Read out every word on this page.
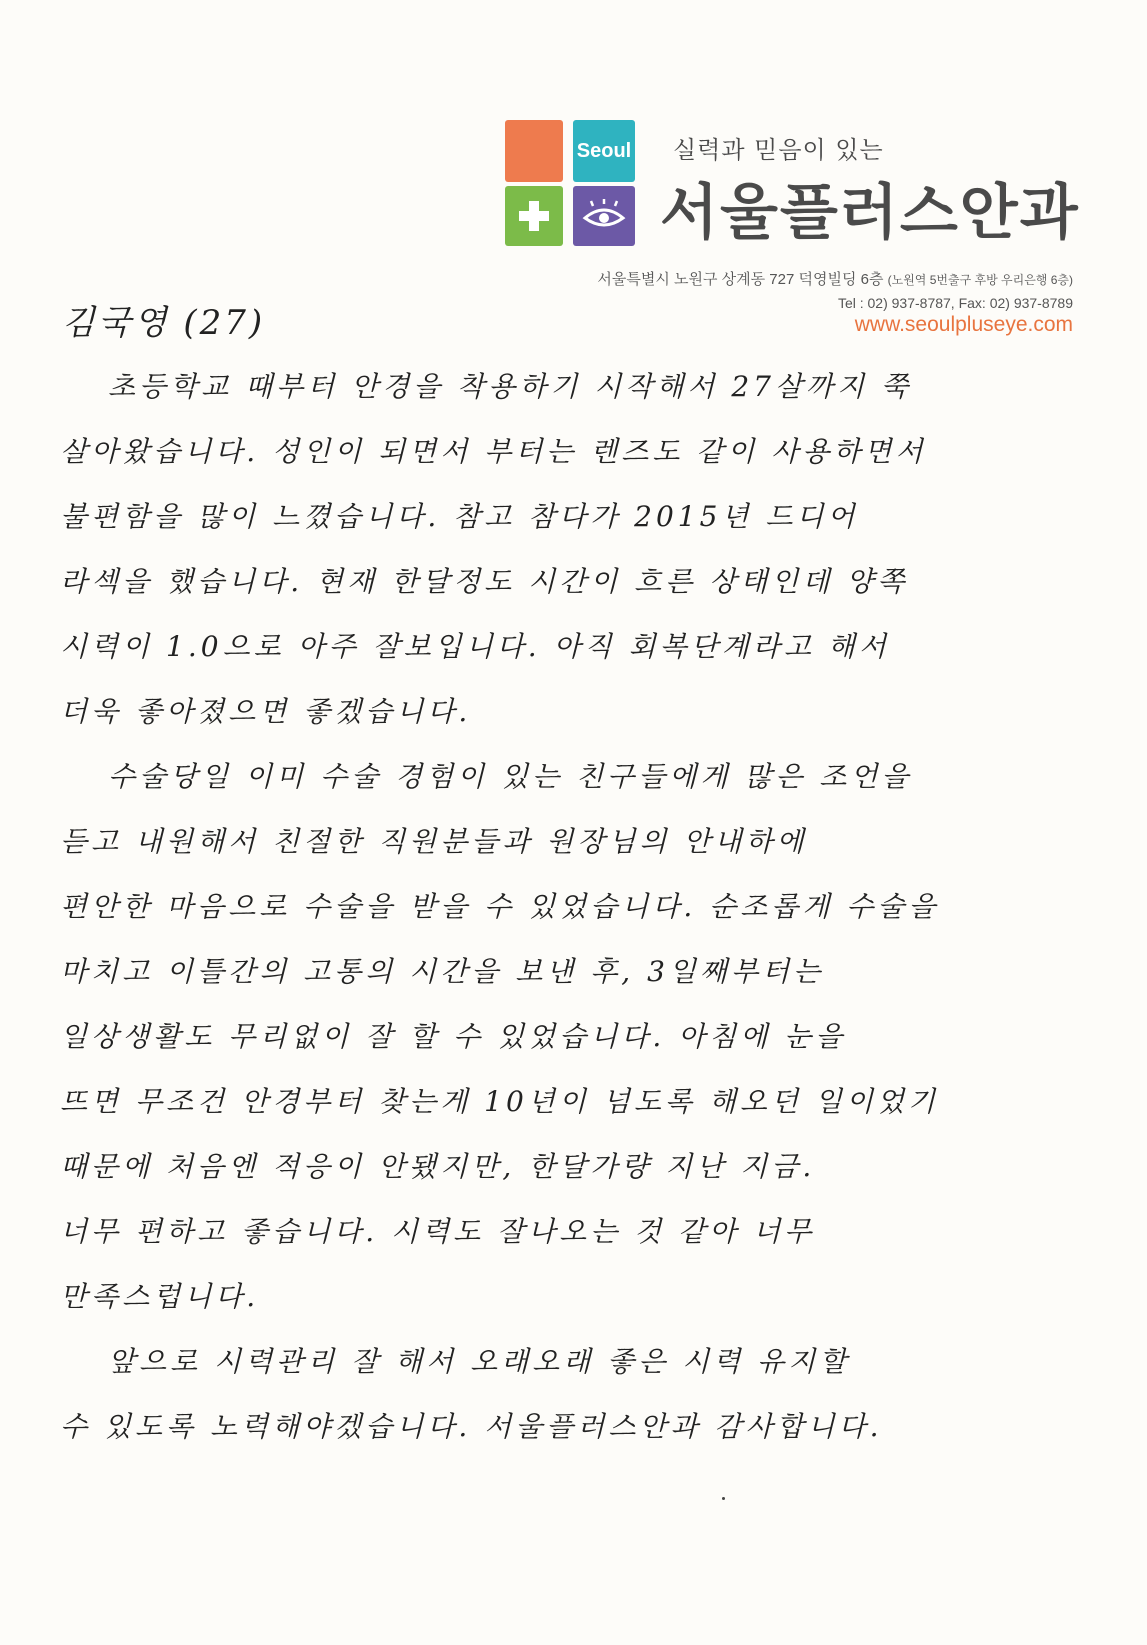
Seoul 실력과 믿음이 있는
서울플러스안과
서울특별시 노원구 상계동 727 덕영빌딩 6층 (노원역 5번출구 후방 우리은행 6층)
Tel : 02) 937-8787, Fax: 02) 937-8789
www.seoulpluseye.com
김국영 (27)
초등학교 때부터 안경을 착용하기 시작해서 27살까지 쭉
살아왔습니다. 성인이 되면서 부터는 렌즈도 같이 사용하면서
불편함을 많이 느꼈습니다. 참고 참다가 2015년 드디어
라섹을 했습니다. 현재 한달정도 시간이 흐른 상태인데 양쪽
시력이 1.0으로 아주 잘보입니다. 아직 회복단계라고 해서
더욱 좋아졌으면 좋겠습니다.
수술당일 이미 수술 경험이 있는 친구들에게 많은 조언을
듣고 내원해서 친절한 직원분들과 원장님의 안내하에
편안한 마음으로 수술을 받을 수 있었습니다. 순조롭게 수술을
마치고 이틀간의 고통의 시간을 보낸 후, 3일째부터는
일상생활도 무리없이 잘 할 수 있었습니다. 아침에 눈을
뜨면 무조건 안경부터 찾는게 10년이 넘도록 해오던 일이었기
때문에 처음엔 적응이 안됐지만, 한달가량 지난 지금.
너무 편하고 좋습니다. 시력도 잘나오는 것 같아 너무
만족스럽니다.
앞으로 시력관리 잘 해서 오래오래 좋은 시력 유지할
수 있도록 노력해야겠습니다. 서울플러스안과 감사합니다.
